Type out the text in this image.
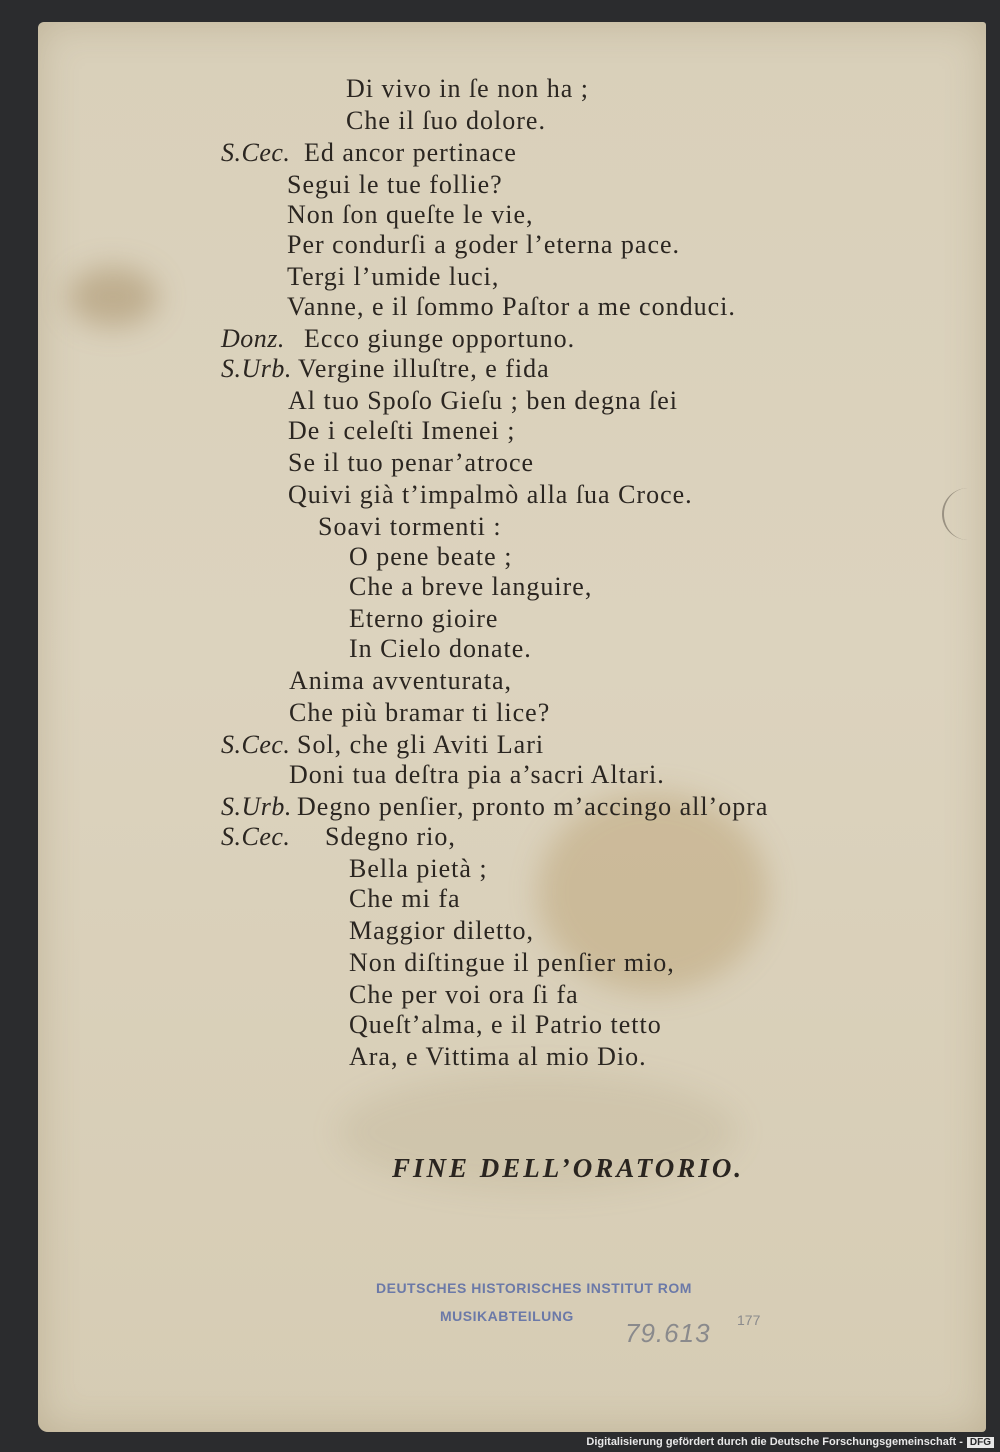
Di vivo in ſe non ha ;
Che il ſuo dolore.
S.Cec. Ed ancor pertinace
Segui le tue follie?
Non ſon queſte le vie,
Per condurſi a goder l’eterna pace.
Tergi l’umide luci,
Vanne, e il ſommo Paſtor a me conduci.
Donz. Ecco giunge opportuno.
S.Urb. Vergine illuſtre, e fida
Al tuo Spoſo Gieſu ; ben degna ſei
De i celeſti Imenei ;
Se il tuo penar’atroce
Quivi già t’impalmò alla ſua Croce.
Soavi tormenti :
O pene beate ;
Che a breve languire,
Eterno gioire
In Cielo donate.
Anima avventurata,
Che più bramar ti lice?
S.Cec. Sol, che gli Aviti Lari
Doni tua deſtra pia a’sacri Altari.
S.Urb. Degno penſier, pronto m’accingo all’opra
S.Cec. Sdegno rio,
Bella pietà ;
Che mi fa
Maggior diletto,
Non diſtingue il penſier mio,
Che per voi ora ſi fa
Queſt’alma, e il Patrio tetto
Ara, e Vittima al mio Dio.
FINE DELL’ORATORIO.
DEUTSCHES HISTORISCHES INSTITUT ROM
MUSIKABTEILUNG
79.613 177
Digitalisierung gefördert durch die Deutsche Forschungsgemeinschaft - DFG
